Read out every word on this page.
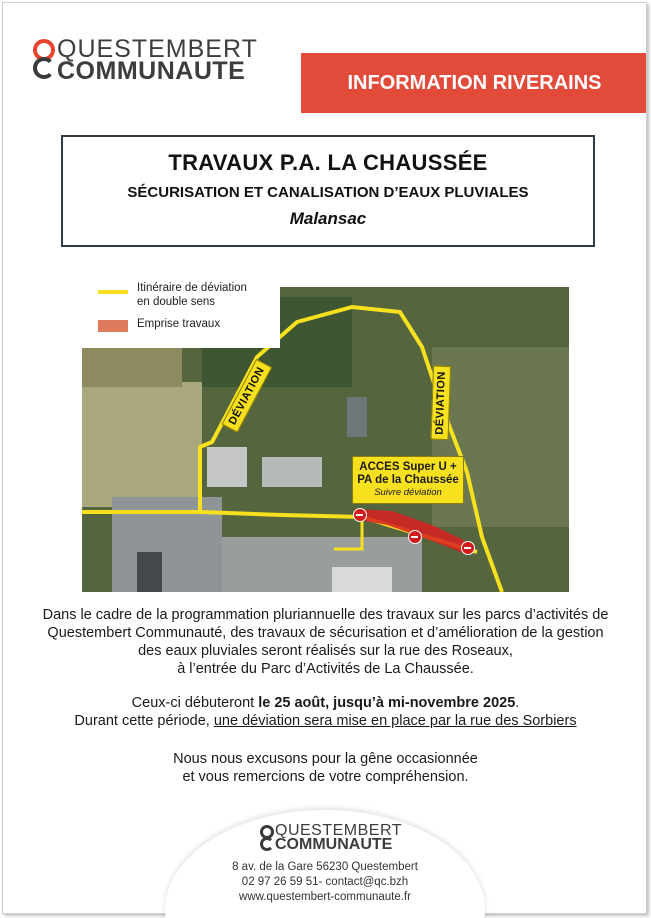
QUESTEMBERT
COMMUNAUTE	INFORMATION RIVERAINS
TRAVAUX P.A. LA CHAUSSÉE
SÉCURISATION ET CANALISATION D’EAUX PLUVIALES
Malansac
Itinéraire de déviation
en double sens
Emprise travaux
DÉVIATION	DÉVIATION
ACCES Super U +
PA de la Chaussée
Suivre déviation
Dans le cadre de la programmation pluriannuelle des travaux sur les parcs d’activités de
Questembert Communauté, des travaux de sécurisation et d’amélioration de la gestion
des eaux pluviales seront réalisés sur la rue des Roseaux,
à l’entrée du Parc d’Activités de La Chaussée.
Ceux-ci débuteront le 25 août, jusqu’à mi-novembre 2025.
Durant cette période, une déviation sera mise en place par la rue des Sorbiers
Nous nous excusons pour la gêne occasionnée
et vous remercions de votre compréhension.
QUESTEMBERT
COMMUNAUTE
8 av. de la Gare 56230 Questembert
02 97 26 59 51- contact@qc.bzh
www.questembert-communaute.fr
